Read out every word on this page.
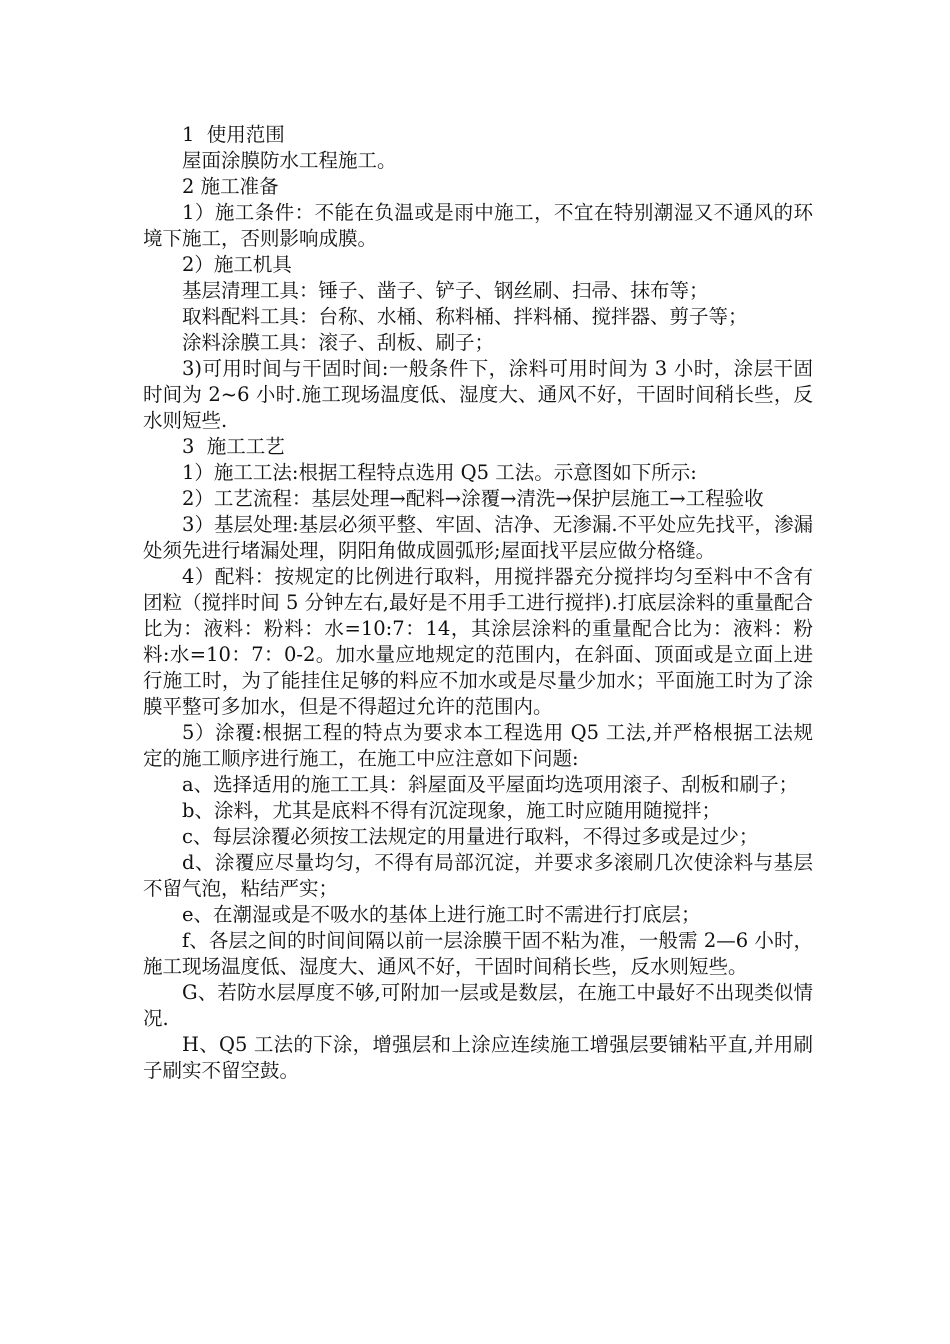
1  使用范围

屋面涂膜防水工程施工。

2 施工准备

1）施工条件：不能在负温或是雨中施工，不宜在特别潮湿又不通风的环境下施工，否则影响成膜。

2）施工机具

基层清理工具：锤子、凿子、铲子、钢丝刷、扫帚、抹布等；

取料配料工具：台称、水桶、称料桶、拌料桶、搅拌器、剪子等；

涂料涂膜工具：滚子、刮板、刷子；

3)可用时间与干固时间:一般条件下，涂料可用时间为 3 小时，涂层干固时间为 2~6 小时.施工现场温度低、湿度大、通风不好，干固时间稍长些，反水则短些.

3  施工工艺

1）施工工法:根据工程特点选用 Q5 工法。示意图如下所示:

2）工艺流程：基层处理→配料→涂覆→清洗→保护层施工→工程验收

3）基层处理:基层必须平整、牢固、洁净、无渗漏.不平处应先找平，渗漏处须先进行堵漏处理，阴阳角做成圆弧形;屋面找平层应做分格缝。

4）配料：按规定的比例进行取料，用搅拌器充分搅拌均匀至料中不含有团粒（搅拌时间 5 分钟左右,最好是不用手工进行搅拌).打底层涂料的重量配合比为：液料：粉料：水=10:7：14，其涂层涂料的重量配合比为：液料：粉料:水=10：7：0-2。加水量应地规定的范围内，在斜面、顶面或是立面上进行施工时，为了能挂住足够的料应不加水或是尽量少加水；平面施工时为了涂膜平整可多加水，但是不得超过允许的范围内。

5）涂覆:根据工程的特点为要求本工程选用 Q5 工法,并严格根据工法规定的施工顺序进行施工，在施工中应注意如下问题:

a、选择适用的施工工具：斜屋面及平屋面均选项用滚子、刮板和刷子；

b、涂料，尤其是底料不得有沉淀现象，施工时应随用随搅拌；

c、每层涂覆必须按工法规定的用量进行取料，不得过多或是过少；

d、涂覆应尽量均匀，不得有局部沉淀，并要求多滚刷几次使涂料与基层不留气泡，粘结严实；

e、在潮湿或是不吸水的基体上进行施工时不需进行打底层；

f、各层之间的时间间隔以前一层涂膜干固不粘为准，一般需 2—6 小时，  施工现场温度低、湿度大、通风不好，干固时间稍长些，反水则短些。

G、若防水层厚度不够,可附加一层或是数层，在施工中最好不出现类似情况.

H、Q5 工法的下涂，增强层和上涂应连续施工增强层要铺粘平直,并用刷子刷实不留空鼓。
